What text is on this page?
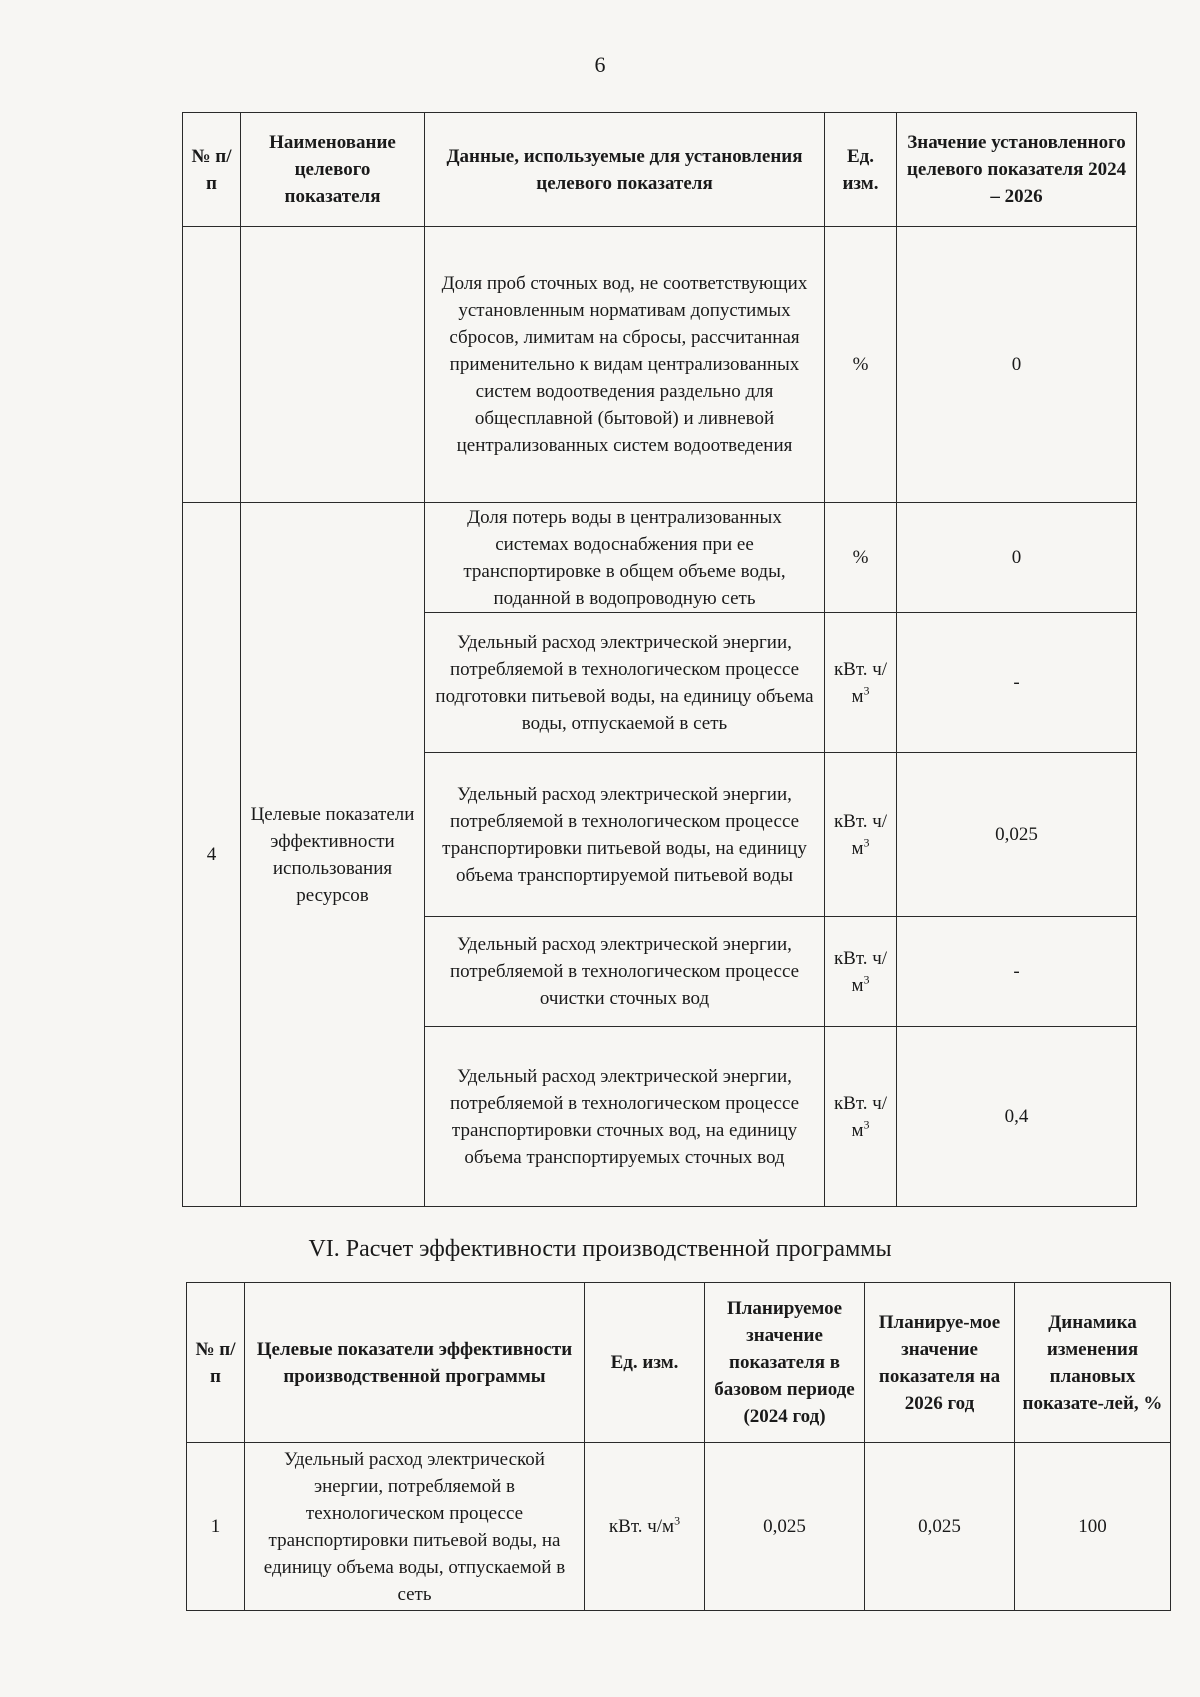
6
№ п/п	Наименование целевого показателя	Данные, используемые для установления целевого показателя	Ед. изм.	Значение установленного целевого показателя 2024 – 2026
		Доля проб сточных вод, не соответствующих установленным нормативам допустимых сбросов, лимитам на сбросы, рассчитанная применительно к видам централизованных систем водоотведения раздельно для общесплавной (бытовой) и ливневой централизованных систем водоотведения	%	0
4	Целевые показатели эффективности использования ресурсов	Доля потерь воды в централизованных системах водоснабжения при ее транспортировке в общем объеме воды, поданной в водопроводную сеть	%	0
		Удельный расход электрической энергии, потребляемой в технологическом процессе подготовки питьевой воды, на единицу объема воды, отпускаемой в сеть	кВт. $ч/м^3$	-
		Удельный расход электрической энергии, потребляемой в технологическом процессе транспортировки питьевой воды, на единицу объема транспортируемой питьевой воды	кВт. $ч/м^3$	0,025
		Удельный расход электрической энергии, потребляемой в технологическом процессе очистки сточных вод	кВт. $ч/м^3$	-
		Удельный расход электрической энергии, потребляемой в технологическом процессе транспортировки сточных вод, на единицу объема транспортируемых сточных вод	кВт. $ч/м^3$	0,4
VI. Расчет эффективности производственной программы
№ п/п	Целевые показатели эффективности производственной программы	Ед. изм.	Планируемое значение показателя в базовом периоде (2024 год)	Планируе-мое значение показателя на 2026 год	Динамика изменения плановых показате-лей, %
1	Удельный расход электрической энергии, потребляемой в технологическом процессе транспортировки питьевой воды, на единицу объема воды, отпускаемой в сеть	кВт. $ч/м^3$	0,025	0,025	100
